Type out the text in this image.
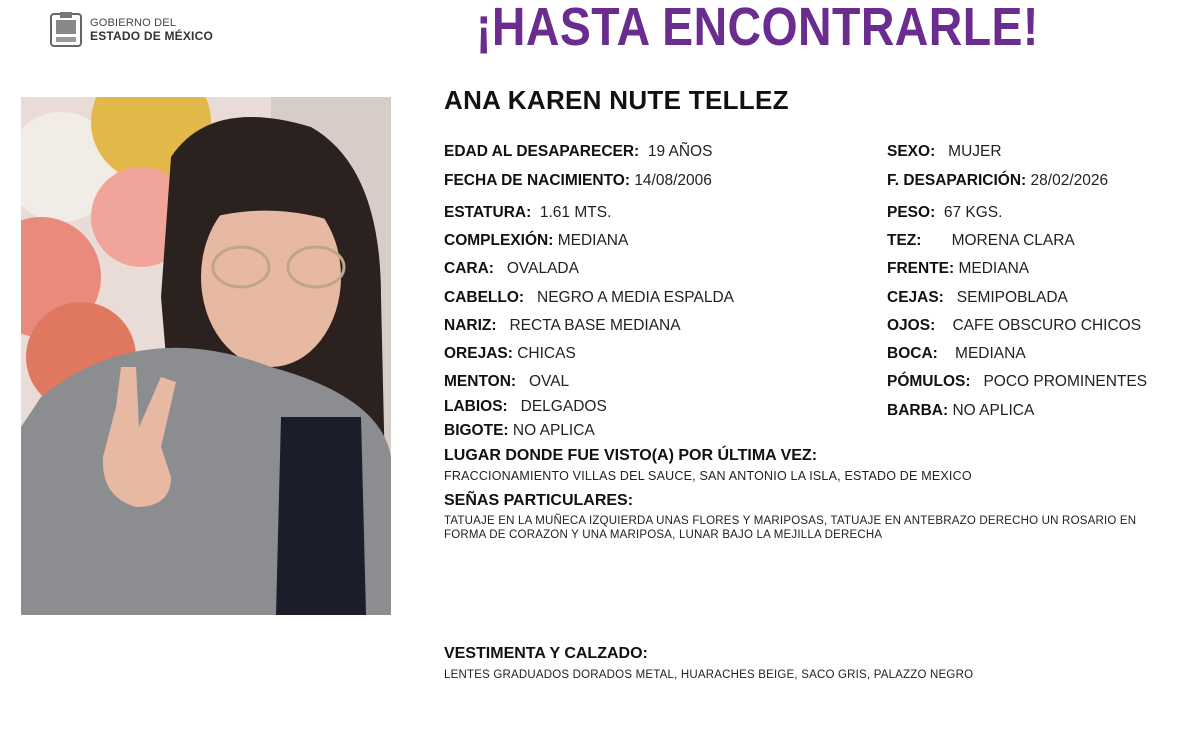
GOBIERNO DEL
ESTADO DE MÉXICO	¡HASTA ENCONTRARLE!
ANA KAREN NUTE TELLEZ
EDAD AL DESAPARECER: 19 AÑOS
FECHA DE NACIMIENTO: 14/08/2006
ESTATURA: 1.61 MTS.
COMPLEXIÓN: MEDIANA
CARA: OVALADA
CABELLO: NEGRO A MEDIA ESPALDA
NARIZ: RECTA BASE MEDIANA
OREJAS: CHICAS
MENTON: OVAL
LABIOS: DELGADOS
BIGOTE: NO APLICA
SEXO: MUJER
F. DESAPARICIÓN: 28/02/2026
PESO: 67 KGS.
TEZ: MORENA CLARA
FRENTE: MEDIANA
CEJAS: SEMIPOBLADA
OJOS: CAFE OBSCURO CHICOS
BOCA: MEDIANA
PÓMULOS: POCO PROMINENTES
BARBA: NO APLICA
LUGAR DONDE FUE VISTO(A) POR ÚLTIMA VEZ:
FRACCIONAMIENTO VILLAS DEL SAUCE, SAN ANTONIO LA ISLA, ESTADO DE MEXICO
SEÑAS PARTICULARES:
TATUAJE EN LA MUÑECA IZQUIERDA UNAS FLORES Y MARIPOSAS, TATUAJE EN ANTEBRAZO DERECHO UN ROSARIO EN
FORMA DE CORAZON Y UNA MARIPOSA, LUNAR BAJO LA MEJILLA DERECHA
VESTIMENTA Y CALZADO:
LENTES GRADUADOS DORADOS METAL, HUARACHES BEIGE, SACO GRIS, PALAZZO NEGRO
